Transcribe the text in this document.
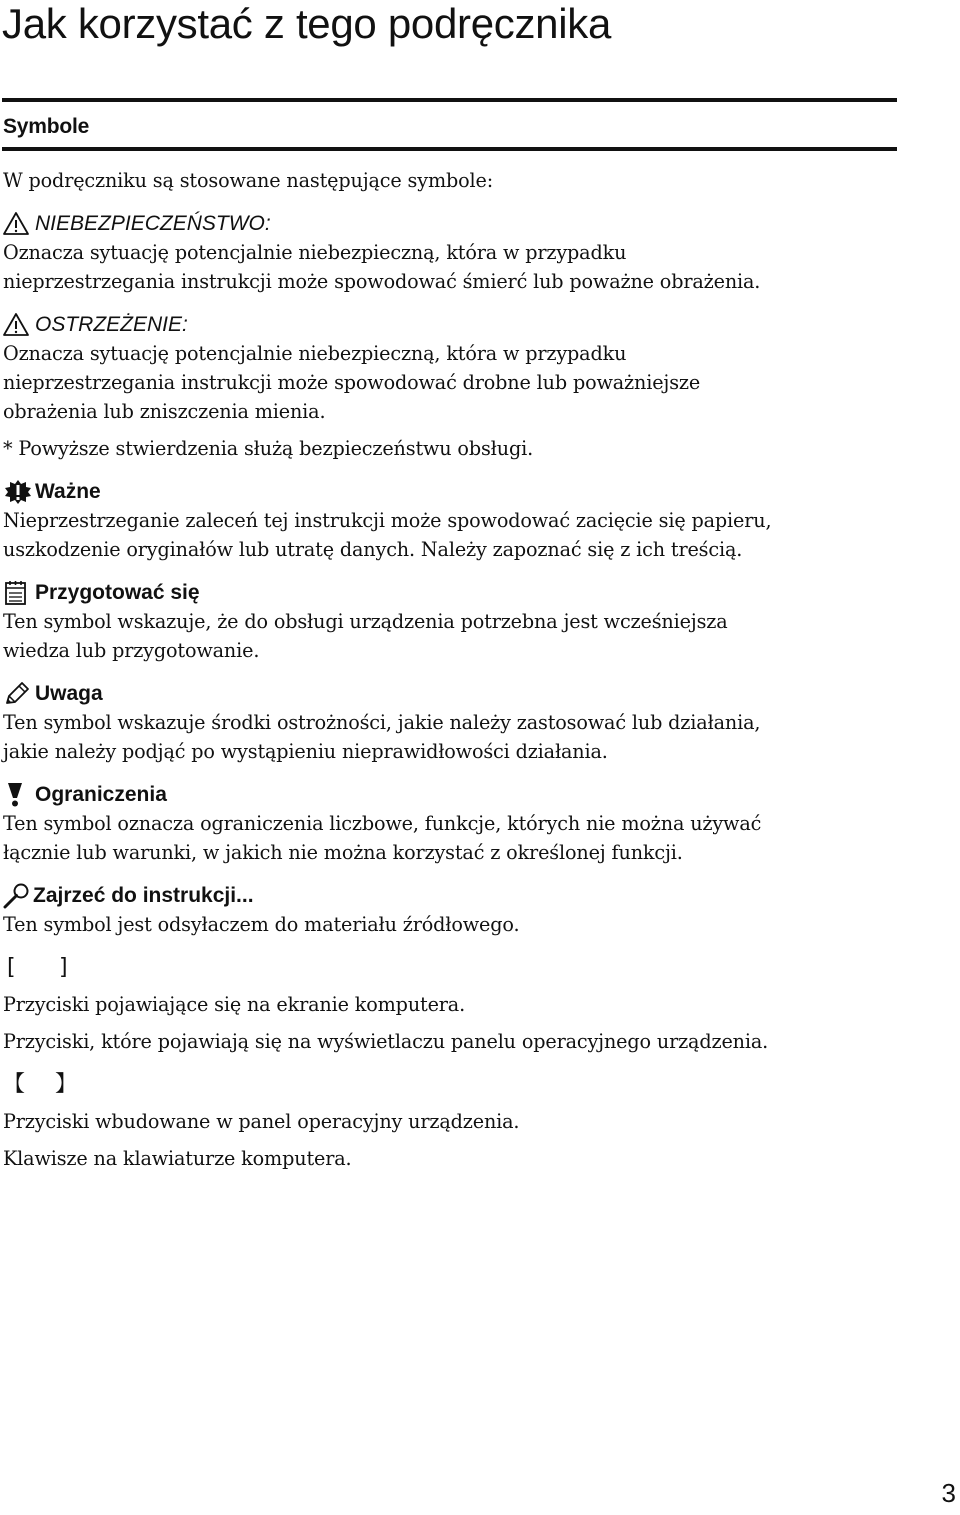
Jak korzystać z tego podręcznika
Symbole

W podręczniku są stosowane następujące symbole:

NIEBEZPIECZEŃSTWO:

Oznacza sytuację potencjalnie niebezpieczną, która w przypadku

nieprzestrzegania instrukcji może spowodować śmierć lub poważne obrażenia.

OSTRZEŻENIE:

Oznacza sytuację potencjalnie niebezpieczną, która w przypadku

nieprzestrzegania instrukcji może spowodować drobne lub poważniejsze

obrażenia lub zniszczenia mienia.

* Powyższe stwierdzenia służą bezpieczeństwu obsługi.

Ważne

Nieprzestrzeganie zaleceń tej instrukcji może spowodować zacięcie się papieru,

uszkodzenie oryginałów lub utratę danych. Należy zapoznać się z ich treścią.

Przygotować się

Ten symbol wskazuje, że do obsługi urządzenia potrzebna jest wcześniejsza

wiedza lub przygotowanie.

Uwaga

Ten symbol wskazuje środki ostrożności, jakie należy zastosować lub działania,

jakie należy podjąć po wystąpieniu nieprawidłowości działania.

Ograniczenia

Ten symbol oznacza ograniczenia liczbowe, funkcje, których nie można używać

łącznie lub warunki, w jakich nie można korzystać z określonej funkcji.

Zajrzeć do instrukcji...

Ten symbol jest odsyłaczem do materiału źródłowego.

[	]

Przyciski pojawiające się na ekranie komputera.

Przyciski, które pojawiają się na wyświetlaczu panelu operacyjnego urządzenia.

【	】

Przyciski wbudowane w panel operacyjny urządzenia.

Klawisze na klawiaturze komputera.

3
